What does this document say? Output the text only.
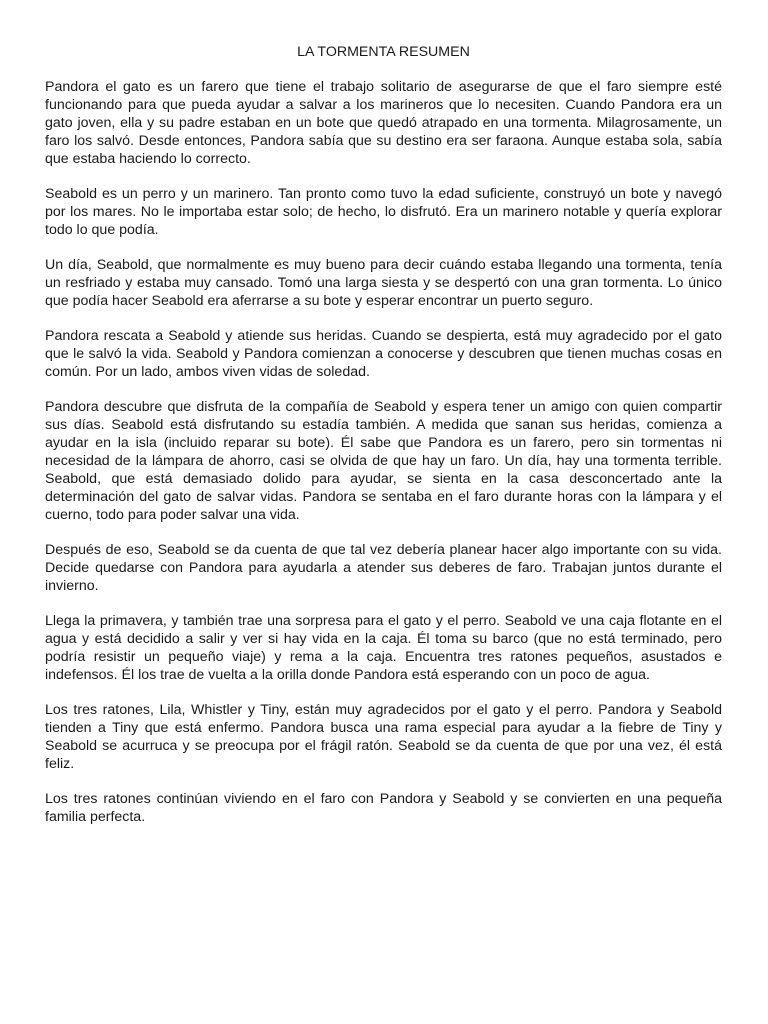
LA TORMENTA RESUMEN

Pandora el gato es un farero que tiene el trabajo solitario de asegurarse de que el faro siempre esté funcionando para que pueda ayudar a salvar a los marineros que lo necesiten. Cuando Pandora era un gato joven, ella y su padre estaban en un bote que quedó atrapado en una tormenta. Milagrosamente, un faro los salvó. Desde entonces, Pandora sabía que su destino era ser faraona. Aunque estaba sola, sabía que estaba haciendo lo correcto.

Seabold es un perro y un marinero. Tan pronto como tuvo la edad suficiente, construyó un bote y navegó por los mares. No le importaba estar solo; de hecho, lo disfrutó. Era un marinero notable y quería explorar todo lo que podía.

Un día, Seabold, que normalmente es muy bueno para decir cuándo estaba llegando una tormenta, tenía un resfriado y estaba muy cansado. Tomó una larga siesta y se despertó con una gran tormenta. Lo único que podía hacer Seabold era aferrarse a su bote y esperar encontrar un puerto seguro.

Pandora rescata a Seabold y atiende sus heridas. Cuando se despierta, está muy agradecido por el gato que le salvó la vida. Seabold y Pandora comienzan a conocerse y descubren que tienen muchas cosas en común. Por un lado, ambos viven vidas de soledad.

Pandora descubre que disfruta de la compañía de Seabold y espera tener un amigo con quien compartir sus días. Seabold está disfrutando su estadía también. A medida que sanan sus heridas, comienza a ayudar en la isla (incluido reparar su bote). Él sabe que Pandora es un farero, pero sin tormentas ni necesidad de la lámpara de ahorro, casi se olvida de que hay un faro. Un día, hay una tormenta terrible. Seabold, que está demasiado dolido para ayudar, se sienta en la casa desconcertado ante la determinación del gato de salvar vidas. Pandora se sentaba en el faro durante horas con la lámpara y el cuerno, todo para poder salvar una vida.

Después de eso, Seabold se da cuenta de que tal vez debería planear hacer algo importante con su vida. Decide quedarse con Pandora para ayudarla a atender sus deberes de faro. Trabajan juntos durante el invierno.

Llega la primavera, y también trae una sorpresa para el gato y el perro. Seabold ve una caja flotante en el agua y está decidido a salir y ver si hay vida en la caja. Él toma su barco (que no está terminado, pero podría resistir un pequeño viaje) y rema a la caja. Encuentra tres ratones pequeños, asustados e indefensos. Él los trae de vuelta a la orilla donde Pandora está esperando con un poco de agua.

Los tres ratones, Lila, Whistler y Tiny, están muy agradecidos por el gato y el perro. Pandora y Seabold tienden a Tiny que está enfermo. Pandora busca una rama especial para ayudar a la fiebre de Tiny y Seabold se acurruca y se preocupa por el frágil ratón. Seabold se da cuenta de que por una vez, él está feliz.

Los tres ratones continúan viviendo en el faro con Pandora y Seabold y se convierten en una pequeña familia perfecta.
